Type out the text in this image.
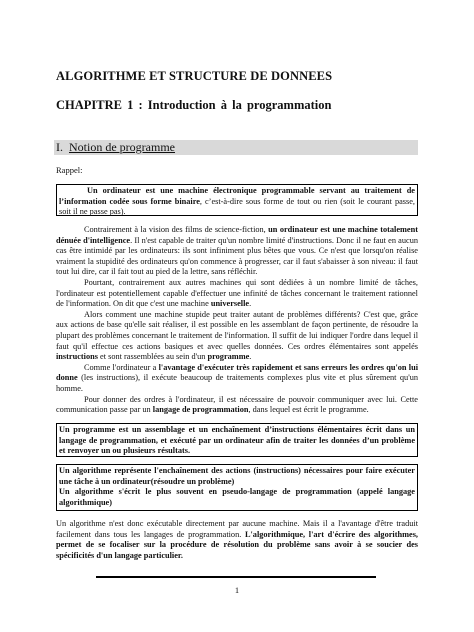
ALGORITHME ET STRUCTURE DE DONNEES
CHAPITRE 1 : Introduction à la programmation
I. Notion de programme
Rappel:
Un ordinateur est une machine électronique programmable servant au traitement de l’information codée sous forme binaire, c’est-à-dire sous forme de tout ou rien (soit le courant passe, soit il ne passe pas).
Contrairement à la vision des films de science-fiction, un ordinateur est une machine totalement dénuée d'intelligence. Il n'est capable de traiter qu'un nombre limité d'instructions. Donc il ne faut en aucun cas être intimidé par les ordinateurs: ils sont infiniment plus bêtes que vous. Ce n'est que lorsqu'on réalise vraiment la stupidité des ordinateurs qu'on commence à progresser, car il faut s'abaisser à son niveau: il faut tout lui dire, car il fait tout au pied de la lettre, sans réfléchir.
Pourtant, contrairement aux autres machines qui sont dédiées à un nombre limité de tâches, l'ordinateur est potentiellement capable d'effectuer une infinité de tâches concernant le traitement rationnel de l'information. On dit que c'est une machine universelle.
Alors comment une machine stupide peut traiter autant de problèmes différents? C'est que, grâce aux actions de base qu'elle sait réaliser, il est possible en les assemblant de façon pertinente, de résoudre la plupart des problèmes concernant le traitement de l'information. Il suffit de lui indiquer l'ordre dans lequel il faut qu'il effectue ces actions basiques et avec quelles données. Ces ordres élémentaires sont appelés instructions et sont rassemblées au sein d'un programme.
Comme l'ordinateur a l'avantage d'exécuter très rapidement et sans erreurs les ordres qu'on lui donne (les instructions), il exécute beaucoup de traitements complexes plus vite et plus sûrement qu'un homme.
Pour donner des ordres à l'ordinateur, il est nécessaire de pouvoir communiquer avec lui. Cette communication passe par un langage de programmation, dans lequel est écrit le programme.
Un programme est un assemblage et un enchaînement d’instructions élémentaires écrit dans un langage de programmation, et exécuté par un ordinateur afin de traiter les données d’un problème et renvoyer un ou plusieurs résultats.
Un algorithme représente l'enchaînement des actions (instructions) nécessaires pour faire exécuter une tâche à un ordinateur(résoudre un problème)
Un algorithme s'écrit le plus souvent en pseudo-langage de programmation (appelé langage algorithmique)
Un algorithme n'est donc exécutable directement par aucune machine. Mais il a l'avantage d'être traduit facilement dans tous les langages de programmation. L'algorithmique, l'art d'écrire des algorithmes, permet de se focaliser sur la procédure de résolution du problème sans avoir à se soucier des spécificités d'un langage particulier.
1
